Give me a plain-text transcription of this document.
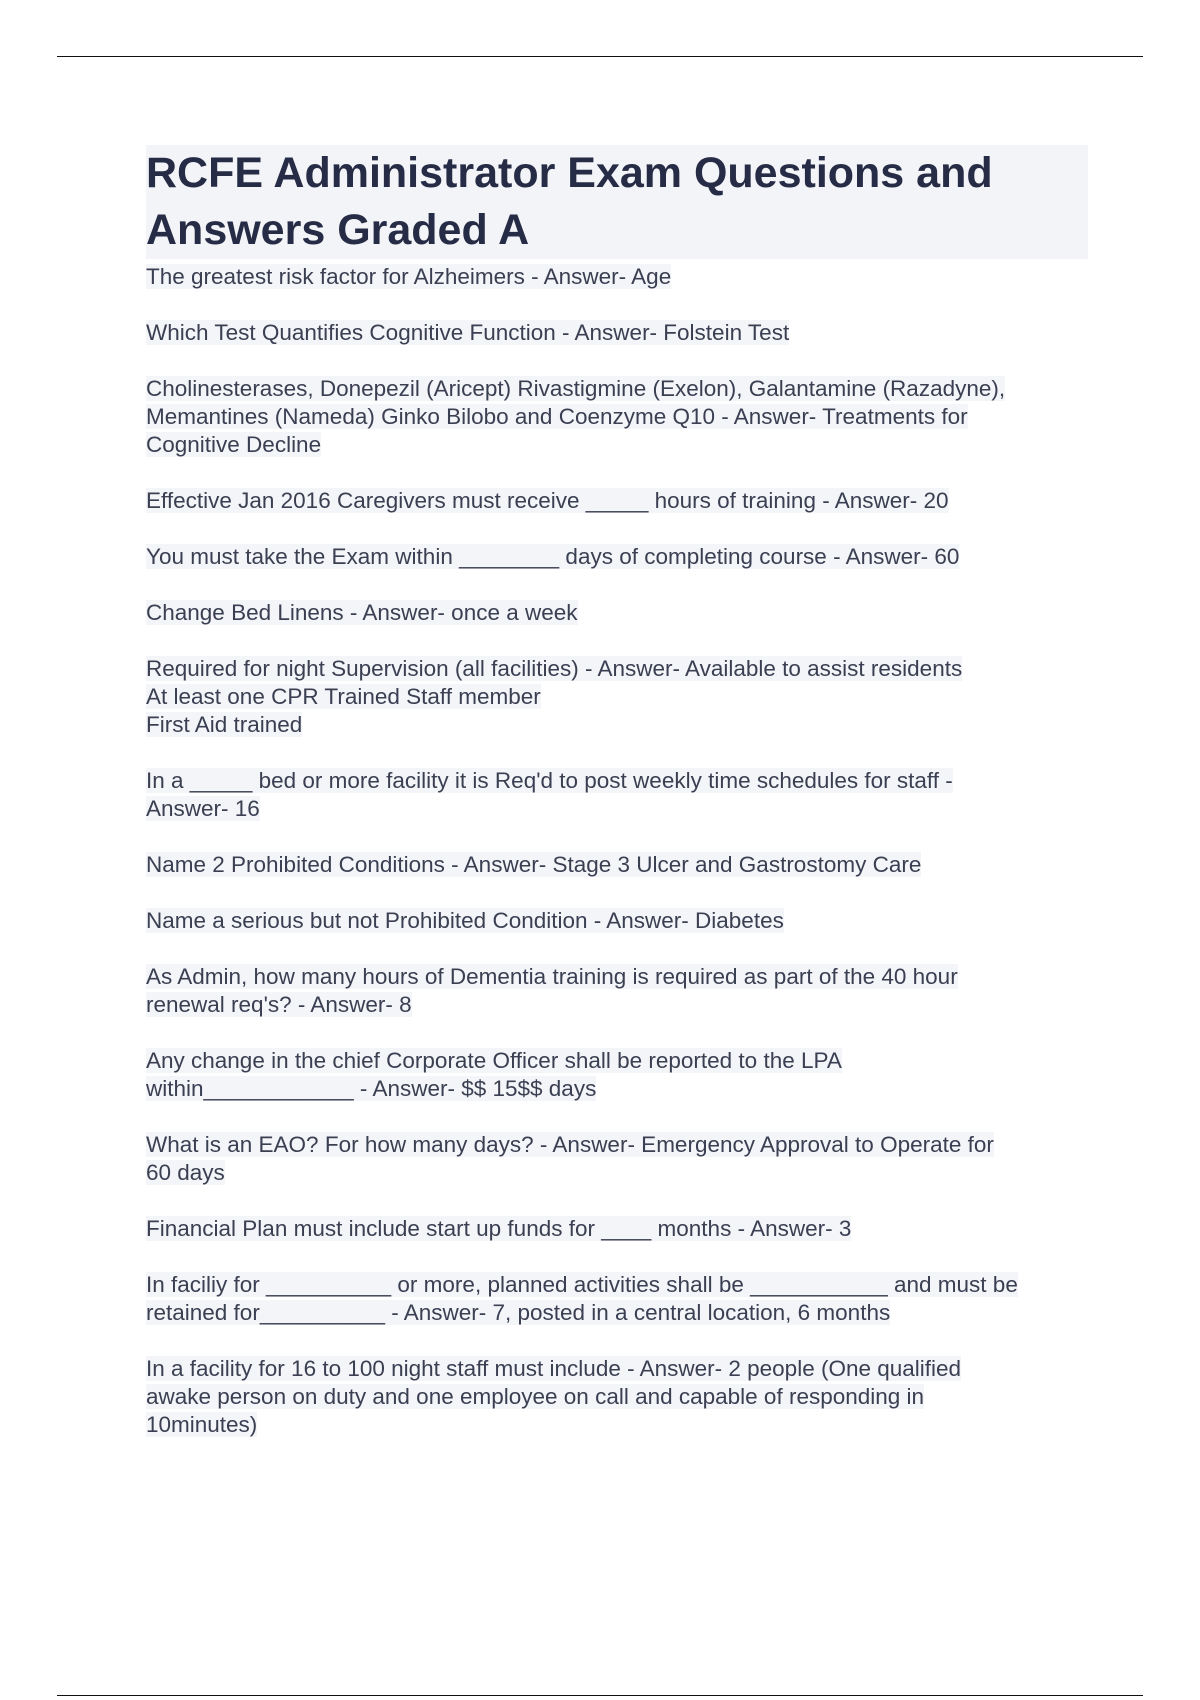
RCFE Administrator Exam Questions and Answers Graded A
The greatest risk factor for Alzheimers - Answer- Age
Which Test Quantifies Cognitive Function - Answer- Folstein Test
Cholinesterases, Donepezil (Aricept) Rivastigmine (Exelon), Galantamine (Razadyne),
Memantines (Nameda) Ginko Bilobo and Coenzyme Q10 - Answer- Treatments for
Cognitive Decline
Effective Jan 2016 Caregivers must receive _____ hours of training - Answer- 20
You must take the Exam within ________ days of completing course - Answer- 60
Change Bed Linens - Answer- once a week
Required for night Supervision (all facilities) - Answer- Available to assist residents
At least one CPR Trained Staff member
First Aid trained
In a _____ bed or more facility it is Req'd to post weekly time schedules for staff -
Answer- 16
Name 2 Prohibited Conditions - Answer- Stage 3 Ulcer and Gastrostomy Care
Name a serious but not Prohibited Condition - Answer- Diabetes
As Admin, how many hours of Dementia training is required as part of the 40 hour
renewal req's? - Answer- 8
Any change in the chief Corporate Officer shall be reported to the LPA
within____________ - Answer- $$ 15$$ days
What is an EAO? For how many days? - Answer- Emergency Approval to Operate for
60 days
Financial Plan must include start up funds for ____ months - Answer- 3
In faciliy for __________ or more, planned activities shall be ___________ and must be
retained for__________ - Answer- 7, posted in a central location, 6 months
In a facility for 16 to 100 night staff must include - Answer- 2 people (One qualified
awake person on duty and one employee on call and capable of responding in
10minutes)
